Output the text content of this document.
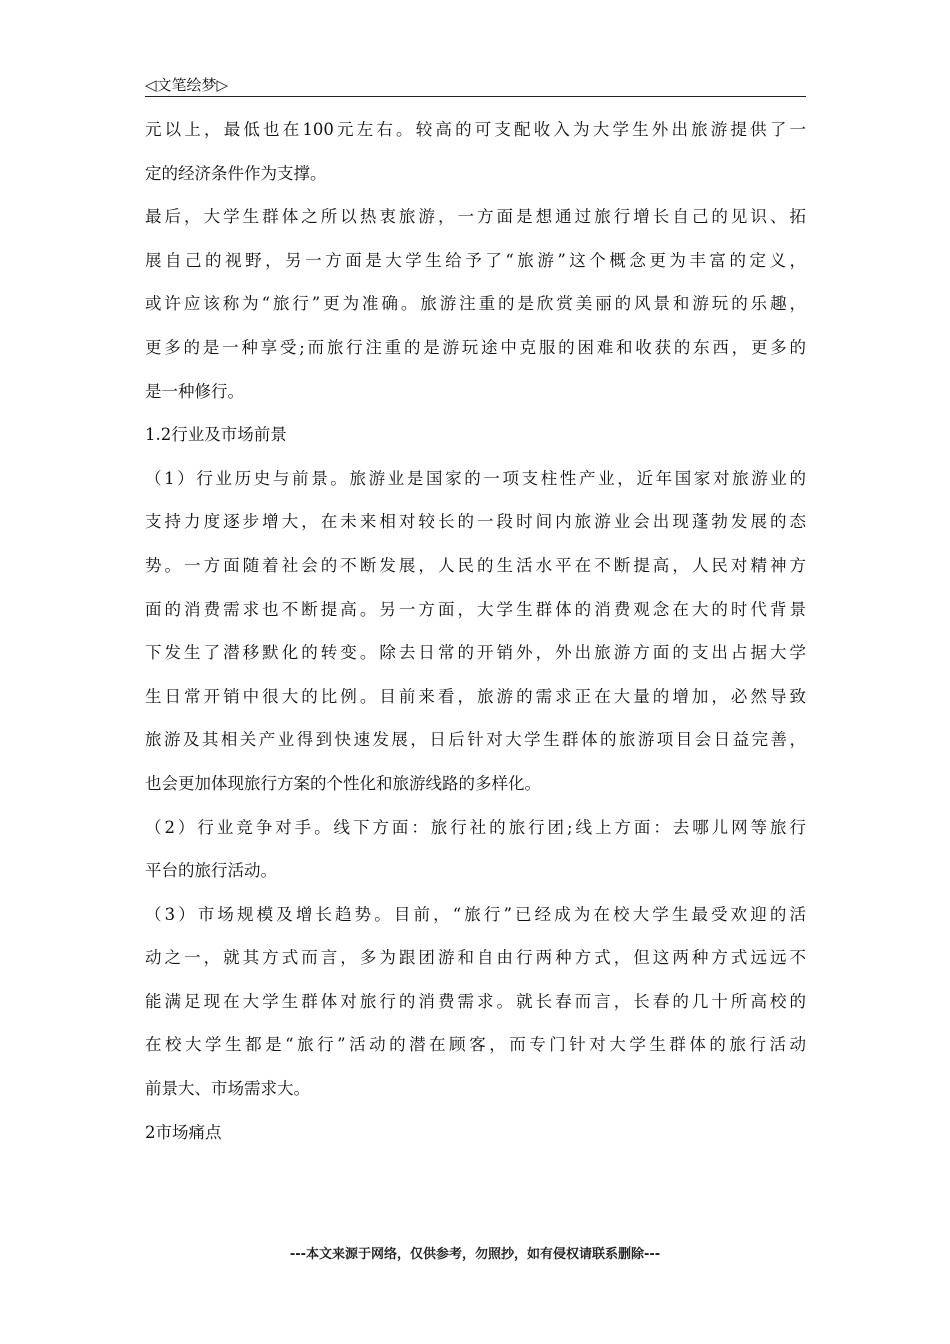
◁文笔绘梦▷
元以上，最低也在100元左右。较高的可支配收入为大学生外出旅游提供了一
定的经济条件作为支撑。
最后，大学生群体之所以热衷旅游，一方面是想通过旅行增长自己的见识、拓
展自己的视野，另一方面是大学生给予了“旅游”这个概念更为丰富的定义，
或许应该称为“旅行”更为准确。旅游注重的是欣赏美丽的风景和游玩的乐趣，
更多的是一种享受;而旅行注重的是游玩途中克服的困难和收获的东西，更多的
是一种修行。
1.2行业及市场前景
（1）行业历史与前景。旅游业是国家的一项支柱性产业，近年国家对旅游业的
支持力度逐步增大，在未来相对较长的一段时间内旅游业会出现蓬勃发展的态
势。一方面随着社会的不断发展，人民的生活水平在不断提高，人民对精神方
面的消费需求也不断提高。另一方面，大学生群体的消费观念在大的时代背景
下发生了潜移默化的转变。除去日常的开销外，外出旅游方面的支出占据大学
生日常开销中很大的比例。目前来看，旅游的需求正在大量的增加，必然导致
旅游及其相关产业得到快速发展，日后针对大学生群体的旅游项目会日益完善，
也会更加体现旅行方案的个性化和旅游线路的多样化。
（2）行业竞争对手。线下方面：旅行社的旅行团;线上方面：去哪儿网等旅行
平台的旅行活动。
（3）市场规模及增长趋势。目前，“旅行”已经成为在校大学生最受欢迎的活
动之一，就其方式而言，多为跟团游和自由行两种方式，但这两种方式远远不
能满足现在大学生群体对旅行的消费需求。就长春而言，长春的几十所高校的
在校大学生都是“旅行”活动的潜在顾客，而专门针对大学生群体的旅行活动
前景大、市场需求大。
2市场痛点
---本文来源于网络，仅供参考，勿照抄，如有侵权请联系删除---
